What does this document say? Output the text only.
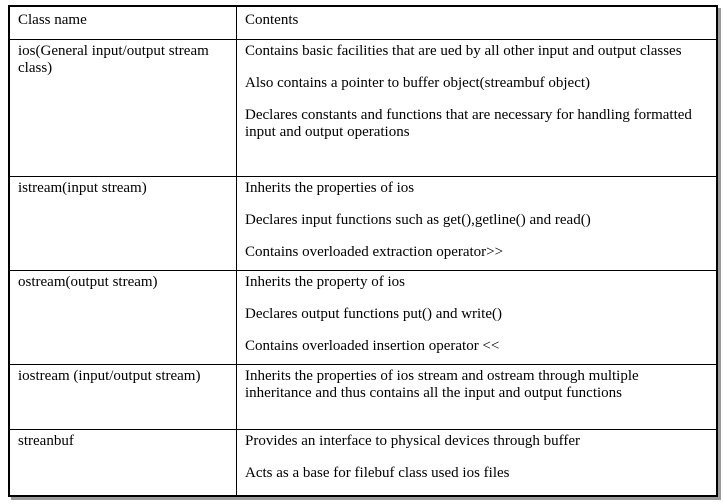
Class name	Contents
ios(General input/output stream class)	Contains basic facilities that are ued by all other input and output classes

Also contains a pointer to buffer object(streambuf object)

Declares constants and functions that are necessary for handling formatted input and output operations

istream(input stream)	Inherits the properties of ios

Declares input functions such as get(),getline() and read()

Contains overloaded extraction operator>>

ostream(output stream)	Inherits the property of ios

Declares output functions put() and write()

Contains overloaded insertion operator <<

iostream (input/output stream)	Inherits the properties of ios stream and ostream through multiple inheritance and thus contains all the input and output functions

streanbuf	Provides an interface to physical devices through buffer

Acts as a base for filebuf class used ios files
